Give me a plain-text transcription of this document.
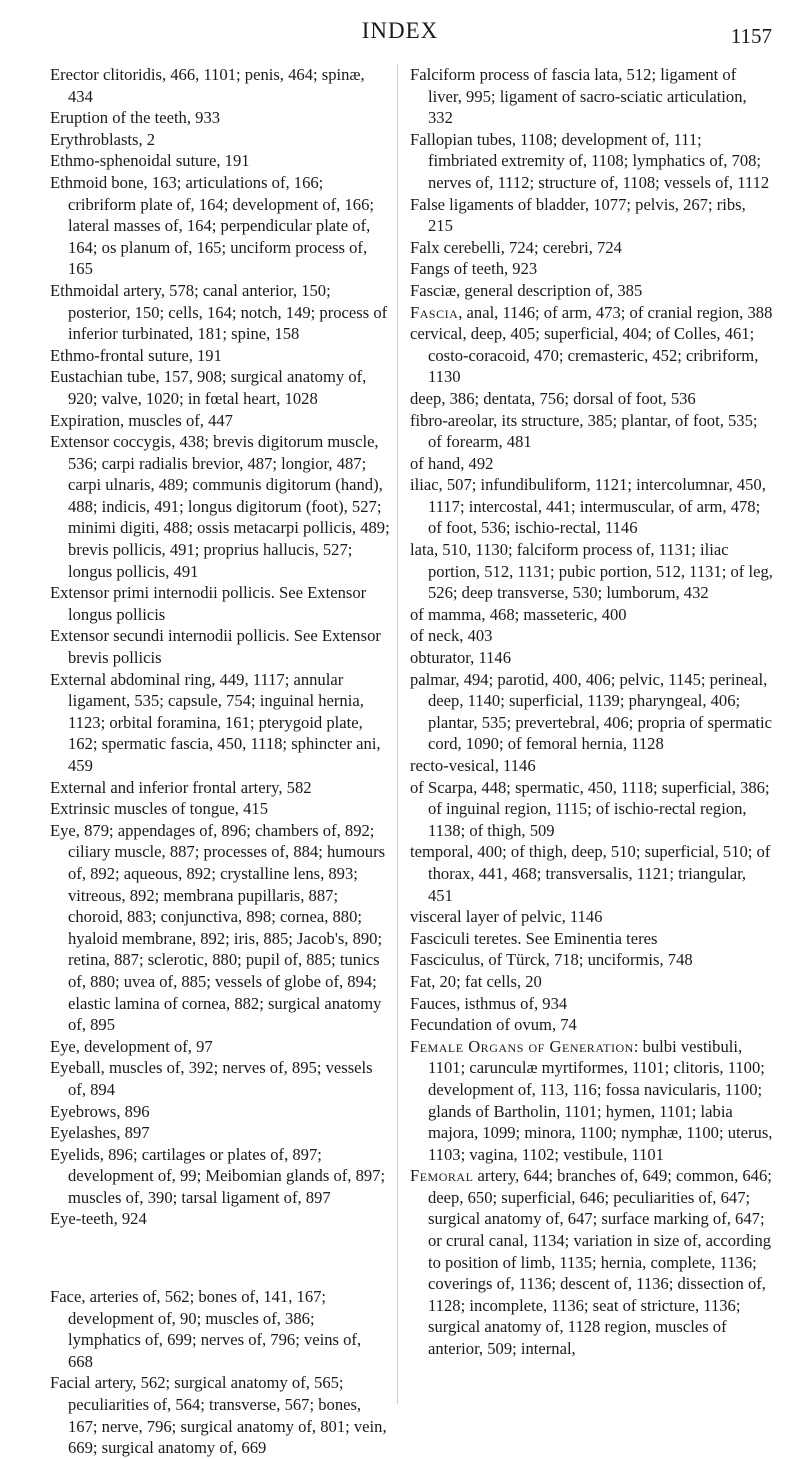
INDEX	1157

Erector clitoridis, 466, 1101; penis, 464; spinæ, 434

Eruption of the teeth, 933

Erythroblasts, 2

Ethmo-sphenoidal suture, 191

Ethmoid bone, 163; articulations of, 166; cribriform plate of, 164; development of, 166; lateral masses of, 164; perpendicular plate of, 164; os planum of, 165; unciform process of, 165

Ethmoidal artery, 578; canal anterior, 150; posterior, 150; cells, 164; notch, 149; process of inferior turbinated, 181; spine, 158

Ethmo-frontal suture, 191

Eustachian tube, 157, 908; surgical anatomy of, 920; valve, 1020; in fœtal heart, 1028

Expiration, muscles of, 447

Extensor coccygis, 438; brevis digitorum muscle, 536; carpi radialis brevior, 487; longior, 487; carpi ulnaris, 489; communis digitorum (hand), 488; indicis, 491; longus digitorum (foot), 527; minimi digiti, 488; ossis metacarpi pollicis, 489; brevis pollicis, 491; proprius hallucis, 527; longus pollicis, 491

Extensor primi internodii pollicis. See Extensor longus pollicis

Extensor secundi internodii pollicis. See Extensor brevis pollicis

External abdominal ring, 449, 1117; annular ligament, 535; capsule, 754; inguinal hernia, 1123; orbital foramina, 161; pterygoid plate, 162; spermatic fascia, 450, 1118; sphincter ani, 459

External and inferior frontal artery, 582

Extrinsic muscles of tongue, 415

Eye, 879; appendages of, 896; chambers of, 892; ciliary muscle, 887; processes of, 884; humours of, 892; aqueous, 892; crystalline lens, 893; vitreous, 892; membrana pupillaris, 887; choroid, 883; conjunctiva, 898; cornea, 880; hyaloid membrane, 892; iris, 885; Jacob's, 890; retina, 887; sclerotic, 880; pupil of, 885; tunics of, 880; uvea of, 885; vessels of globe of, 894; elastic lamina of cornea, 882; surgical anatomy of, 895

Eye, development of, 97

Eyeball, muscles of, 392; nerves of, 895; vessels of, 894

Eyebrows, 896

Eyelashes, 897

Eyelids, 896; cartilages or plates of, 897; development of, 99; Meibomian glands of, 897; muscles of, 390; tarsal ligament of, 897

Eye-teeth, 924

Face, arteries of, 562; bones of, 141, 167; development of, 90; muscles of, 386; lymphatics of, 699; nerves of, 796; veins of, 668

Facial artery, 562; surgical anatomy of, 565; peculiarities of, 564; transverse, 567; bones, 167; nerve, 796; surgical anatomy of, 801; vein, 669; surgical anatomy of, 669

Falciform process of fascia lata, 512; ligament of liver, 995; ligament of sacro-sciatic articulation, 332

Fallopian tubes, 1108; development of, 111; fimbriated extremity of, 1108; lymphatics of, 708; nerves of, 1112; structure of, 1108; vessels of, 1112

False ligaments of bladder, 1077; pelvis, 267; ribs, 215

Falx cerebelli, 724; cerebri, 724

Fangs of teeth, 923

Fasciæ, general description of, 385

Fascia, anal, 1146; of arm, 473; of cranial region, 388

cervical, deep, 405; superficial, 404; of Colles, 461; costo-coracoid, 470; cremasteric, 452; cribriform, 1130

deep, 386; dentata, 756; dorsal of foot, 536

fibro-areolar, its structure, 385; plantar, of foot, 535; of forearm, 481

of hand, 492

iliac, 507; infundibuliform, 1121; intercolumnar, 450, 1117; intercostal, 441; intermuscular, of arm, 478; of foot, 536; ischio-rectal, 1146

lata, 510, 1130; falciform process of, 1131; iliac portion, 512, 1131; pubic portion, 512, 1131; of leg, 526; deep transverse, 530; lumborum, 432

of mamma, 468; masseteric, 400

of neck, 403

obturator, 1146

palmar, 494; parotid, 400, 406; pelvic, 1145; perineal, deep, 1140; superficial, 1139; pharyngeal, 406; plantar, 535; prevertebral, 406; propria of spermatic cord, 1090; of femoral hernia, 1128

recto-vesical, 1146

of Scarpa, 448; spermatic, 450, 1118; superficial, 386; of inguinal region, 1115; of ischio-rectal region, 1138; of thigh, 509

temporal, 400; of thigh, deep, 510; superficial, 510; of thorax, 441, 468; transversalis, 1121; triangular, 451

visceral layer of pelvic, 1146

Fasciculi teretes. See Eminentia teres

Fasciculus, of Türck, 718; unciformis, 748

Fat, 20; fat cells, 20

Fauces, isthmus of, 934

Fecundation of ovum, 74

Female Organs of Generation: bulbi vestibuli, 1101; carunculæ myrtiformes, 1101; clitoris, 1100; development of, 113, 116; fossa navicularis, 1100; glands of Bartholin, 1101; hymen, 1101; labia majora, 1099; minora, 1100; nymphæ, 1100; uterus, 1103; vagina, 1102; vestibule, 1101

Femoral artery, 644; branches of, 649; common, 646; deep, 650; superficial, 646; peculiarities of, 647; surgical anatomy of, 647; surface marking of, 647; or crural canal, 1134; variation in size of, according to position of limb, 1135; hernia, complete, 1136; coverings of, 1136; descent of, 1136; dissection of, 1128; incomplete, 1136; seat of stricture, 1136; surgical anatomy of, 1128 region, muscles of anterior, 509; internal,
